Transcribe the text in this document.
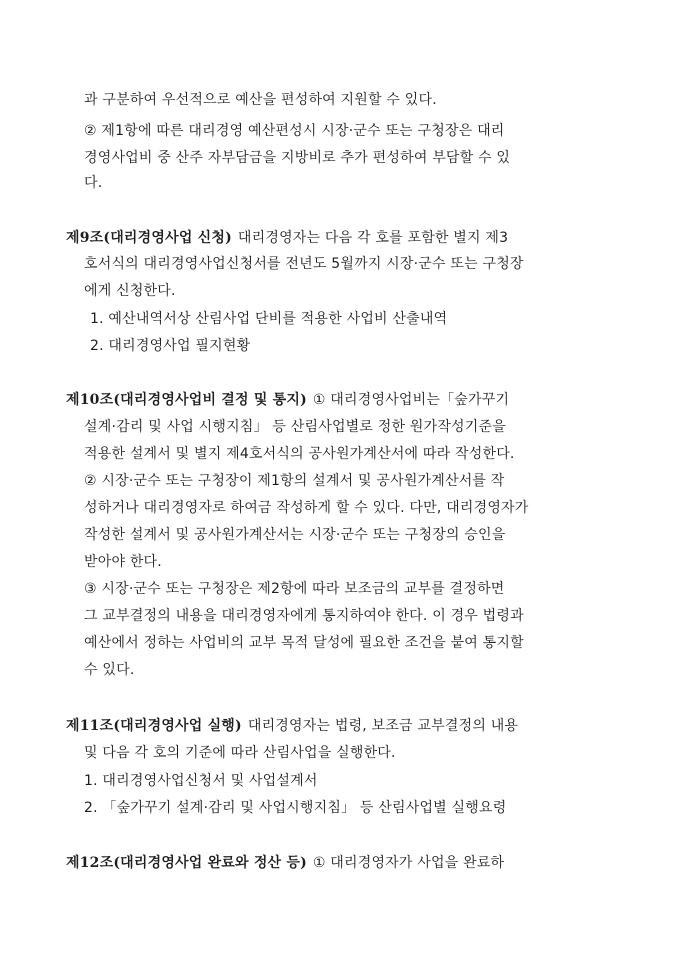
과 구분하여 우선적으로 예산을 편성하여 지원할 수 있다.
② 제1항에 따른 대리경영 예산편성시 시장·군수 또는 구청장은 대리
경영사업비 중 산주 자부담금을 지방비로 추가 편성하여 부담할 수 있
다.
제9조(대리경영사업 신청) 대리경영자는 다음 각 호를 포함한 별지 제3
호서식의 대리경영사업신청서를 전년도 5월까지 시장·군수 또는 구청장
에게 신청한다.
1. 예산내역서상 산림사업 단비를 적용한 사업비 산출내역
2. 대리경영사업 필지현황
제10조(대리경영사업비 결정 및 통지) ① 대리경영사업비는「숲가꾸기
설계·감리 및 사업 시행지침」 등 산림사업별로 정한 원가작성기준을
적용한 설계서 및 별지 제4호서식의 공사원가계산서에 따라 작성한다.
② 시장·군수 또는 구청장이 제1항의 설계서 및 공사원가계산서를 작
성하거나 대리경영자로 하여금 작성하게 할 수 있다. 다만, 대리경영자가
작성한 설계서 및 공사원가계산서는 시장·군수 또는 구청장의 승인을
받아야 한다.
③ 시장·군수 또는 구청장은 제2항에 따라 보조금의 교부를 결정하면
그 교부결정의 내용을 대리경영자에게 통지하여야 한다. 이 경우 법령과
예산에서 정하는 사업비의 교부 목적 달성에 필요한 조건을 붙여 통지할
수 있다.
제11조(대리경영사업 실행) 대리경영자는 법령, 보조금 교부결정의 내용
및 다음 각 호의 기준에 따라 산림사업을 실행한다.
1. 대리경영사업신청서 및 사업설계서
2. 「숲가꾸기 설계·감리 및 사업시행지침」 등 산림사업별 실행요령
제12조(대리경영사업 완료와 정산 등) ① 대리경영자가 사업을 완료하
